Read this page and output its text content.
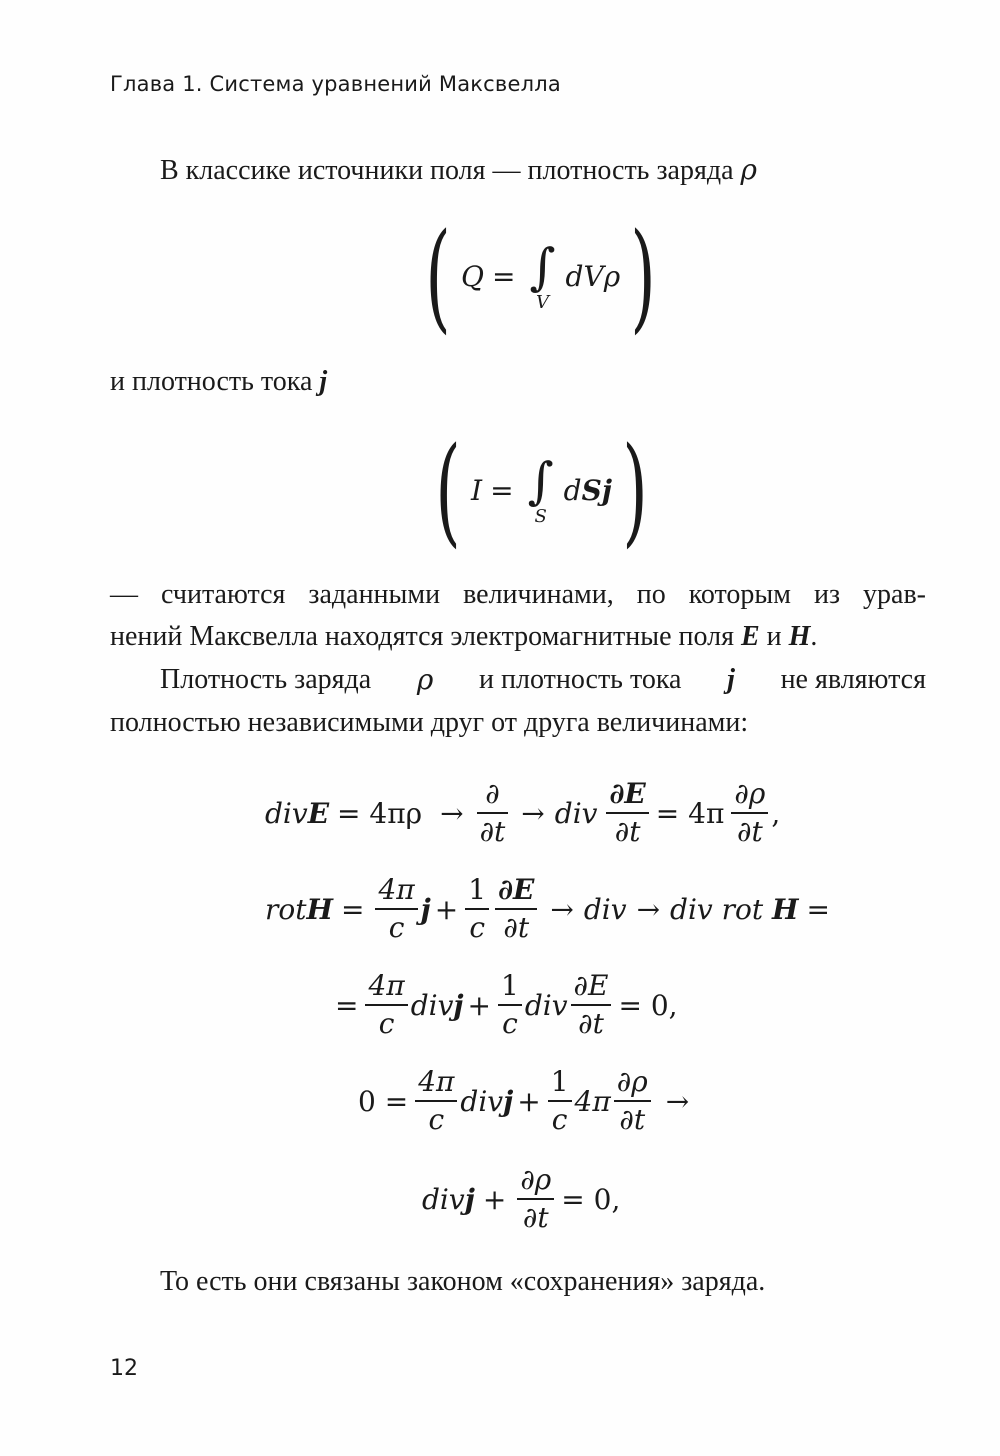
Глава 1. Система уравнений Максвелла
В классике источники поля — плотность заряда ρ
( Q = ∫
V
dVρ )
и плотность тока j
( I = ∫
S
d S j )
— считаются заданными величинами, по которым из урав-
нений Максвелла находятся электромагнитные поля E и H.
Плотность заряда ρ и плотность тока j не являются
полностью независимыми друг от друга величинами:
div $E = 4\pi\rho \to \frac{\partial}{\partial t}$ → div $\frac{\partial E}{\partial t} = 4\pi \frac{\partial\rho}{\partial t}$ ,
rot $H = \frac{4\pi}{c}$ $j + \frac{1}{c} \frac{\partial E}{\partial t}$ → div → div rot H =
= $\frac{4\pi}{c}$ div $j + \frac{1}{c}$ div $\frac{\partial E}{\partial t} = 0$,
$0 = \frac{4\pi}{c}$ div $j + \frac{1}{c} 4\pi \frac{\partial\rho}{\partial t}$ →
div $j + \frac{\partial\rho}{\partial t} = 0$,
То есть они связаны законом «сохранения» заряда.
12
